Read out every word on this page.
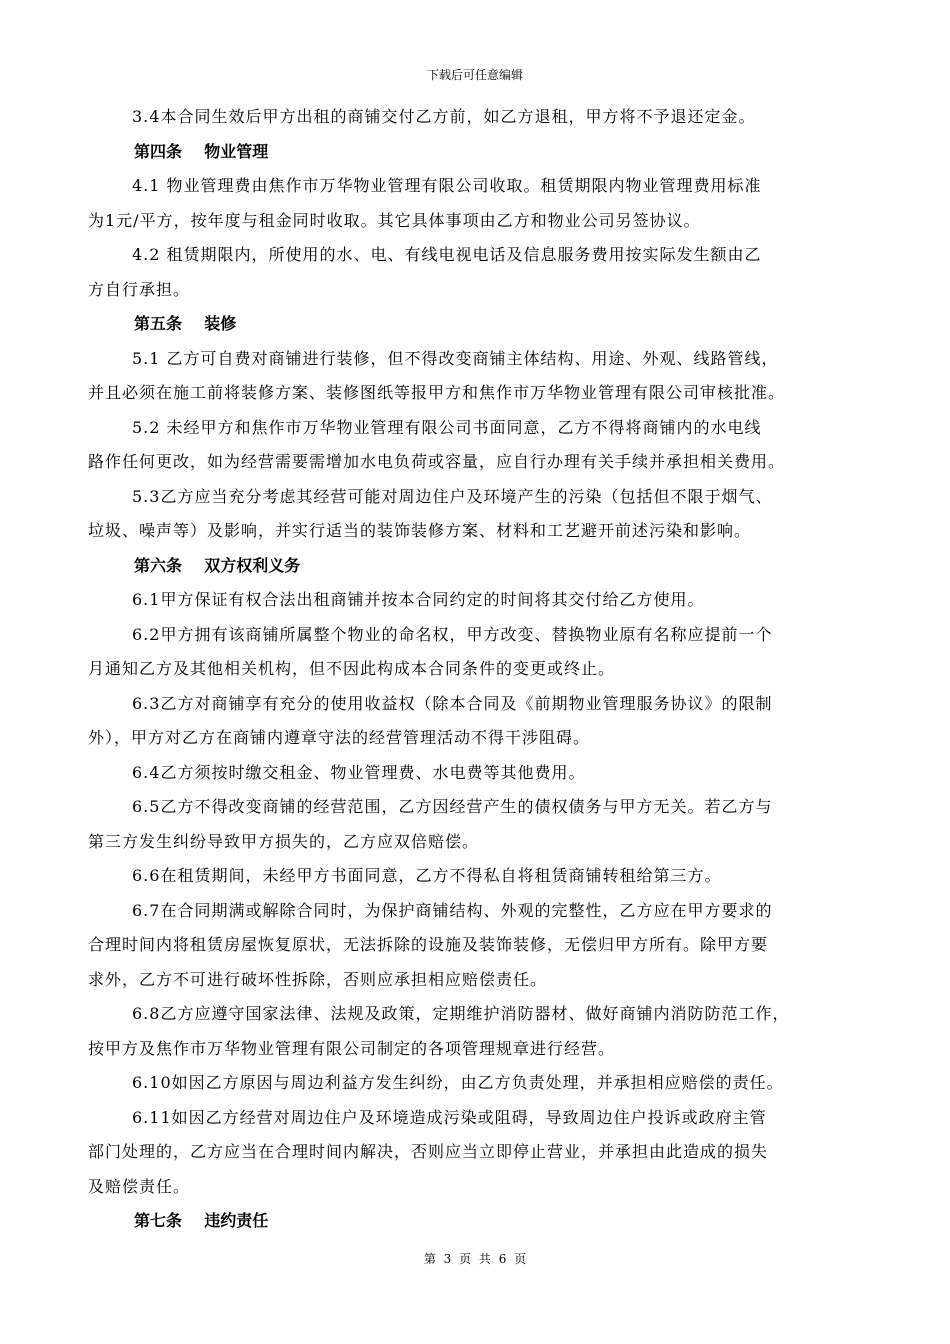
下载后可任意编辑

3.4本合同生效后甲方出租的商铺交付乙方前，如乙方退租，甲方将不予退还定金。

第四条    物业管理

4.1 物业管理费由焦作市万华物业管理有限公司收取。租赁期限内物业管理费用标准

为1元/平方，按年度与租金同时收取。其它具体事项由乙方和物业公司另签协议。

4.2 租赁期限内，所使用的水、电、有线电视电话及信息服务费用按实际发生额由乙

方自行承担。

第五条    装修

5.1 乙方可自费对商铺进行装修，但不得改变商铺主体结构、用途、外观、线路管线，

并且必须在施工前将装修方案、装修图纸等报甲方和焦作市万华物业管理有限公司审核批准。

5.2 未经甲方和焦作市万华物业管理有限公司书面同意，乙方不得将商铺内的水电线

路作任何更改，如为经营需要需增加水电负荷或容量，应自行办理有关手续并承担相关费用。

5.3乙方应当充分考虑其经营可能对周边住户及环境产生的污染（包括但不限于烟气、

垃圾、噪声等）及影响，并实行适当的装饰装修方案、材料和工艺避开前述污染和影响。

第六条    双方权利义务

6.1甲方保证有权合法出租商铺并按本合同约定的时间将其交付给乙方使用。

6.2甲方拥有该商铺所属整个物业的命名权，甲方改变、替换物业原有名称应提前一个

月通知乙方及其他相关机构，但不因此构成本合同条件的变更或终止。

6.3乙方对商铺享有充分的使用收益权（除本合同及《前期物业管理服务协议》的限制

外），甲方对乙方在商铺内遵章守法的经营管理活动不得干涉阻碍。

6.4乙方须按时缴交租金、物业管理费、水电费等其他费用。

6.5乙方不得改变商铺的经营范围，乙方因经营产生的债权债务与甲方无关。若乙方与

第三方发生纠纷导致甲方损失的，乙方应双倍赔偿。

6.6在租赁期间，未经甲方书面同意，乙方不得私自将租赁商铺转租给第三方。

6.7在合同期满或解除合同时，为保护商铺结构、外观的完整性，乙方应在甲方要求的

合理时间内将租赁房屋恢复原状，无法拆除的设施及装饰装修，无偿归甲方所有。除甲方要

求外，乙方不可进行破坏性拆除，否则应承担相应赔偿责任。

6.8乙方应遵守国家法律、法规及政策，定期维护消防器材、做好商铺内消防防范工作，

按甲方及焦作市万华物业管理有限公司制定的各项管理规章进行经营。

6.10如因乙方原因与周边利益方发生纠纷，由乙方负责处理，并承担相应赔偿的责任。

6.11如因乙方经营对周边住户及环境造成污染或阻碍，导致周边住户投诉或政府主管

部门处理的，乙方应当在合理时间内解决，否则应当立即停止营业，并承担由此造成的损失

及赔偿责任。

第七条    违约责任
第 3 页 共 6 页
